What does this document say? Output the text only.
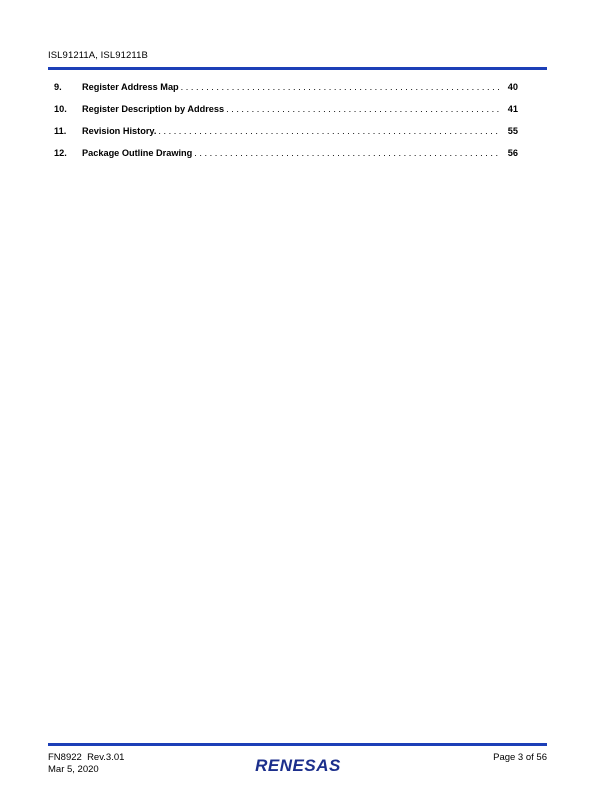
ISL91211A, ISL91211B
9.	Register Address Map . . .	40
10.	Register Description by Address . . .	41
11.	Revision History. . . .	55
12.	Package Outline Drawing . . .	56
FN8922  Rev.3.01
Mar 5, 2020	RENESAS	Page 3 of 56
